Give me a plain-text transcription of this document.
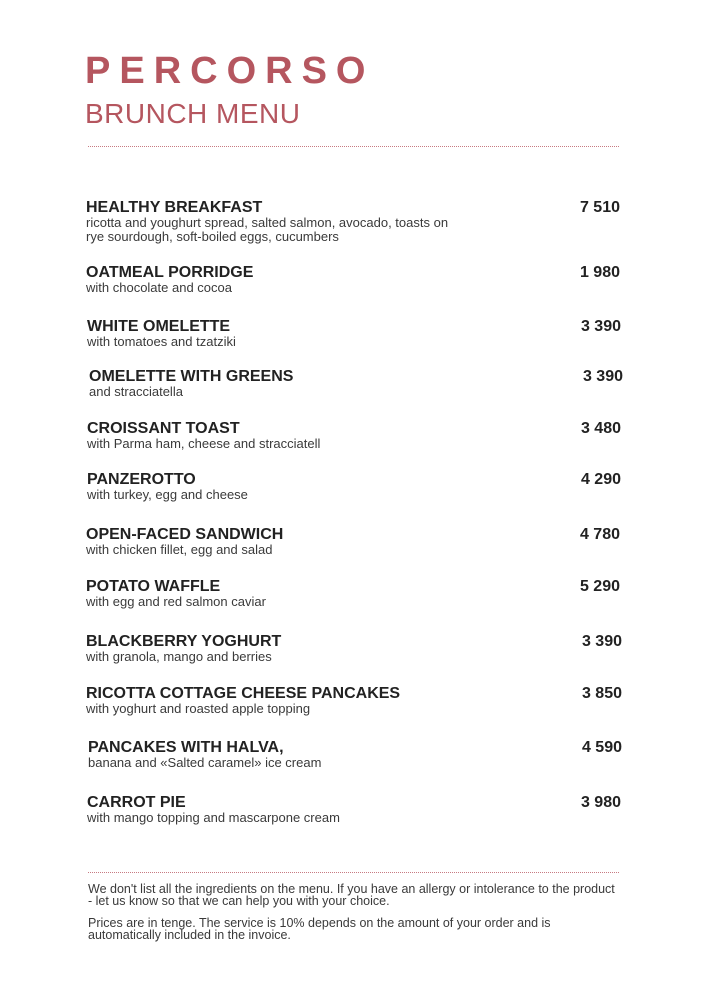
PERCORSO
BRUNCH MENU
HEALTHY BREAKFAST
ricotta and youghurt spread, salted salmon, avocado, toasts on rye sourdough, soft-boiled eggs, cucumbers
7 510
OATMEAL PORRIDGE
with chocolate and cocoa
1 980
WHITE OMELETTE
with tomatoes and tzatziki
3 390
OMELETTE WITH GREENS
and stracciatella
3 390
CROISSANT TOAST
with Parma ham, cheese and stracciatell
3 480
PANZEROTTO
with turkey, egg and cheese
4 290
OPEN-FACED SANDWICH
with chicken fillet, egg and salad
4 780
POTATO WAFFLE
with egg and red salmon caviar
5 290
BLACKBERRY YOGHURT
with granola, mango and berries
3 390
RICOTTA COTTAGE CHEESE PANCAKES
with yoghurt and roasted apple topping
3 850
PANCAKES WITH HALVA,
banana and «Salted caramel» ice cream
4 590
CARROT PIE
with mango topping and mascarpone cream
3 980
We don't list all the ingredients on the menu. If you have an allergy or intolerance to the product - let us know so that we can help you with your choice.
Prices are in tenge. The service is 10% depends on the amount of your order and is automatically included in the invoice.
